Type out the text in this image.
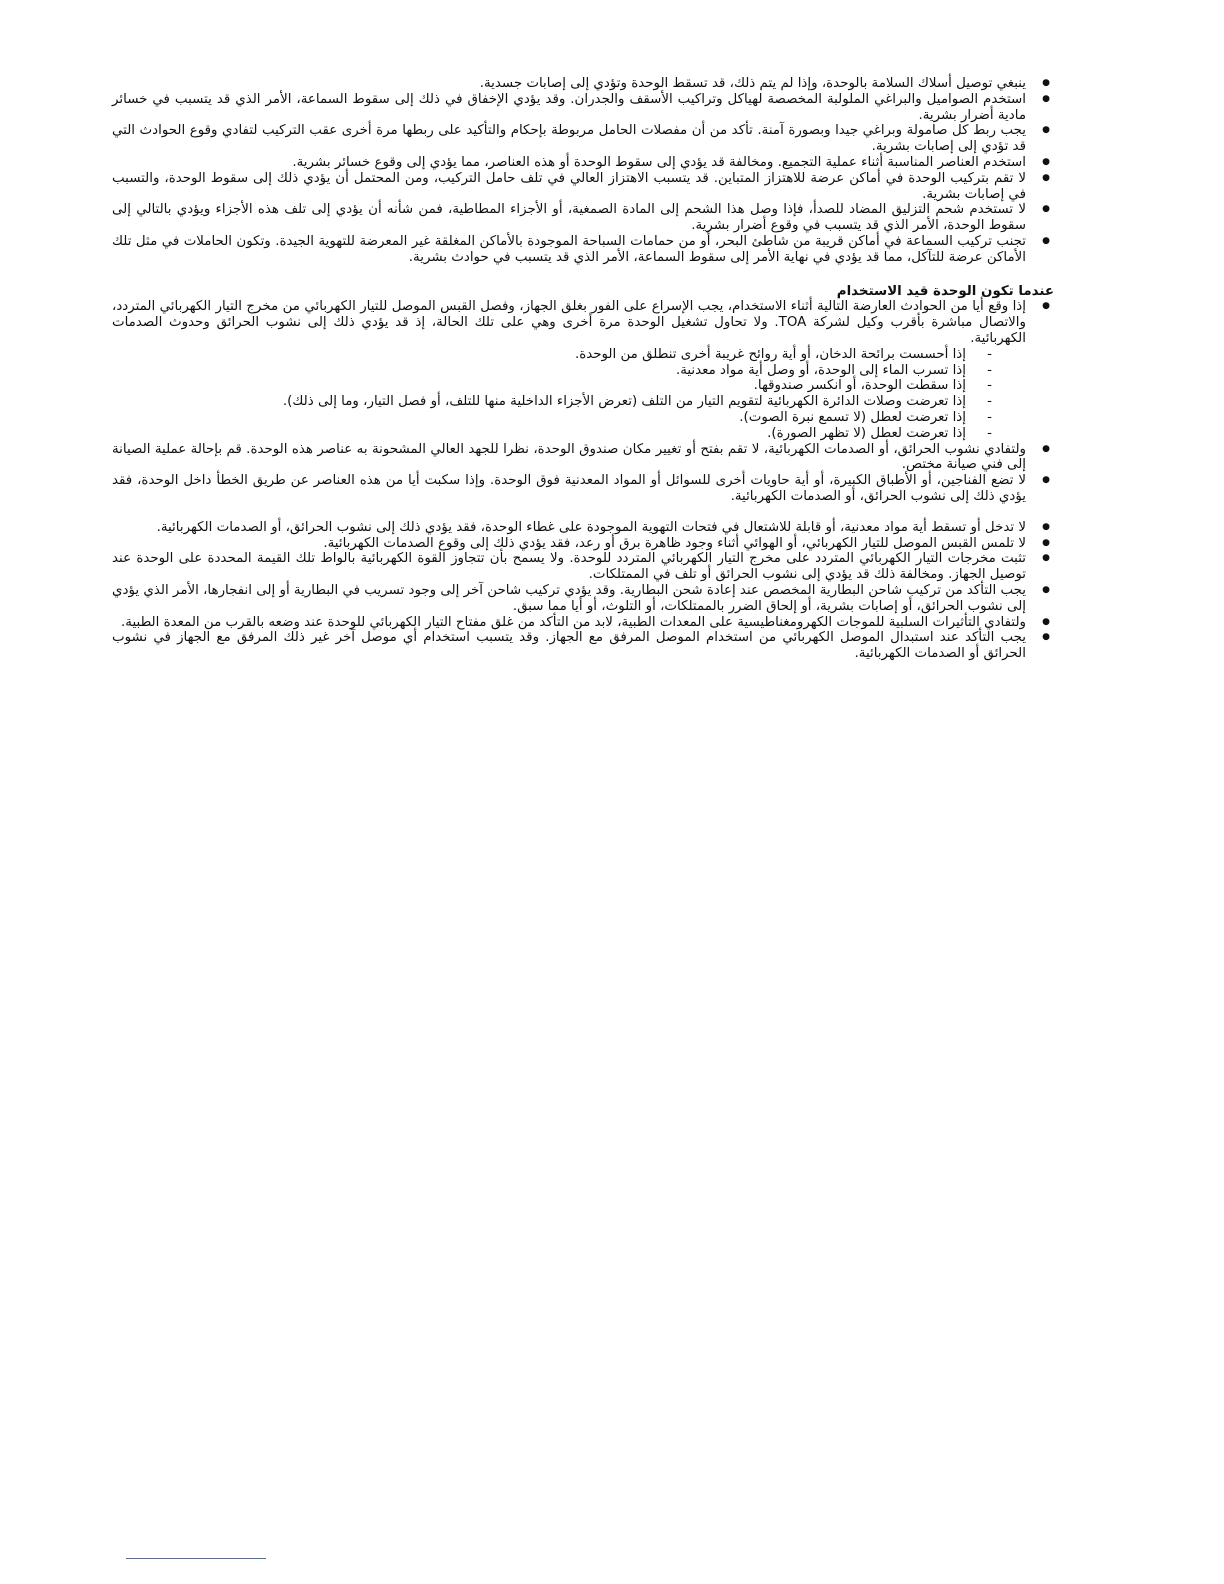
● ينبغي توصيل أسلاك السلامة بالوحدة، وإذا لم يتم ذلك، قد تسقط الوحدة وتؤدي إلى إصابات جسدية.
● استخدم الصواميل والبراغي الملولبة المخصصة لهياكل وتراكيب الأسقف والجدران. وقد يؤدي الإخفاق في ذلك إلى سقوط السماعة، الأمر الذي قد يتسبب في خسائر مادية أضرار بشرية.
● يجب ربط كل صامولة وبراغي جيدا وبصورة آمنة. تأكد من أن مفصلات الحامل مربوطة بإحكام والتأكيد على ربطها مرة أخرى عقب التركيب لتفادي وقوع الحوادث التي قد تؤدي إلى إصابات بشرية.
● استخدم العناصر المناسبة أثناء عملية التجميع. ومخالفة قد يؤدي إلى سقوط الوحدة أو هذه العناصر، مما يؤدي إلى وقوع خسائر بشرية.
● لا تقم بتركيب الوحدة في أماكن عرضة للاهتزاز المتباين. قد يتسبب الاهتزاز العالي في تلف حامل التركيب، ومن المحتمل أن يؤدي ذلك إلى سقوط الوحدة، والتسبب في إصابات بشرية.
● لا تستخدم شحم التزليق المضاد للصدأ، فإذا وصل هذا الشحم إلى المادة الصمغية، أو الأجزاء المطاطية، فمن شأنه أن يؤدي إلى تلف هذه الأجزاء ويؤدي بالتالي إلى سقوط الوحدة، الأمر الذي قد يتسبب في وقوع أضرار بشرية.
● تجنب تركيب السماعة في أماكن قريبة من شاطئ البحر، أو من حمامات السباحة الموجودة بالأماكن المغلقة غير المعرضة للتهوية الجيدة. وتكون الحاملات في مثل تلك الأماكن عرضة للتآكل، مما قد يؤدي في نهاية الأمر إلى سقوط السماعة، الأمر الذي قد يتسبب في حوادث بشرية.
عندما تكون الوحدة قيد الاستخدام
● إذا وقع أيا من الحوادث العارضة التالية أثناء الاستخدام، يجب الإسراع على الفور بغلق الجهاز، وفصل القبس الموصل للتيار الكهربائي من مخرج التيار الكهربائي المتردد، والاتصال مباشرة بأقرب وكيل لشركة TOA. ولا تحاول تشغيل الوحدة مرة أخرى وهي على تلك الحالة، إذ قد يؤدي ذلك إلى نشوب الحرائق وحدوث الصدمات الكهربائية.
- إذا أحسست برائحة الدخان، أو أية روائح غريبة أخرى تنطلق من الوحدة.
- إذا تسرب الماء إلى الوحدة، أو وصل أية مواد معدنية.
- إذا سقطت الوحدة، أو انكسر صندوقها.
- إذا تعرضت وصلات الدائرة الكهربائية لتقويم التيار من التلف (تعرض الأجزاء الداخلية منها للتلف، أو فصل التيار، وما إلى ذلك).
- إذا تعرضت لعطل (لا تسمع نبرة الصوت).
- إذا تعرضت لعطل (لا تظهر الصورة).
● ولتفادي نشوب الحرائق، أو الصدمات الكهربائية، لا تقم بفتح أو تغيير مكان صندوق الوحدة، نظرا للجهد العالي المشحونة به عناصر هذه الوحدة. قم بإحالة عملية الصيانة إلى فني صيانة مختص.
● لا تضع الفناجين، أو الأطباق الكبيرة، أو أية حاويات أخرى للسوائل أو المواد المعدنية فوق الوحدة. وإذا سكبت أيا من هذه العناصر عن طريق الخطأ داخل الوحدة، فقد يؤدي ذلك إلى نشوب الحرائق، أو الصدمات الكهربائية.
● لا تدخل أو تسقط أية مواد معدنية، أو قابلة للاشتعال في فتحات التهوية الموجودة على غطاء الوحدة، فقد يؤدي ذلك إلى نشوب الحرائق، أو الصدمات الكهربائية.
● لا تلمس القبس الموصل للتيار الكهربائي، أو الهوائي أثناء وجود ظاهرة برق أو رعد، فقد يؤدي ذلك إلى وقوع الصدمات الكهربائية.
● تثبت مخرجات التيار الكهربائي المتردد على مخرج التيار الكهربائي المتردد للوحدة. ولا يسمح بأن تتجاوز القوة الكهربائية بالواط تلك القيمة المحددة على الوحدة عند توصيل الجهاز. ومخالفة ذلك قد يؤدي إلى نشوب الحرائق أو تلف في الممتلكات.
● يجب التأكد من تركيب شاحن البطارية المخصص عند إعادة شحن البطارية. وقد يؤدي تركيب شاحن آخر إلى وجود تسريب في البطارية أو إلى انفجارها، الأمر الذي يؤدي إلى نشوب الحرائق، أو إصابات بشرية، أو إلحاق الضرر بالممتلكات، أو التلوث، أو أيا مما سبق.
● ولتفادي التأثيرات السلبية للموجات الكهرومغناطيسية على المعدات الطبية، لابد من التأكد من غلق مفتاح التيار الكهربائي للوحدة عند وضعه بالقرب من المعدة الطبية.
● يجب التأكد عند استبدال الموصل الكهربائي من استخدام الموصل المرفق مع الجهاز. وقد يتسبب استخدام أي موصل آخر غير ذلك المرفق مع الجهاز في نشوب الحرائق أو الصدمات الكهربائية.
